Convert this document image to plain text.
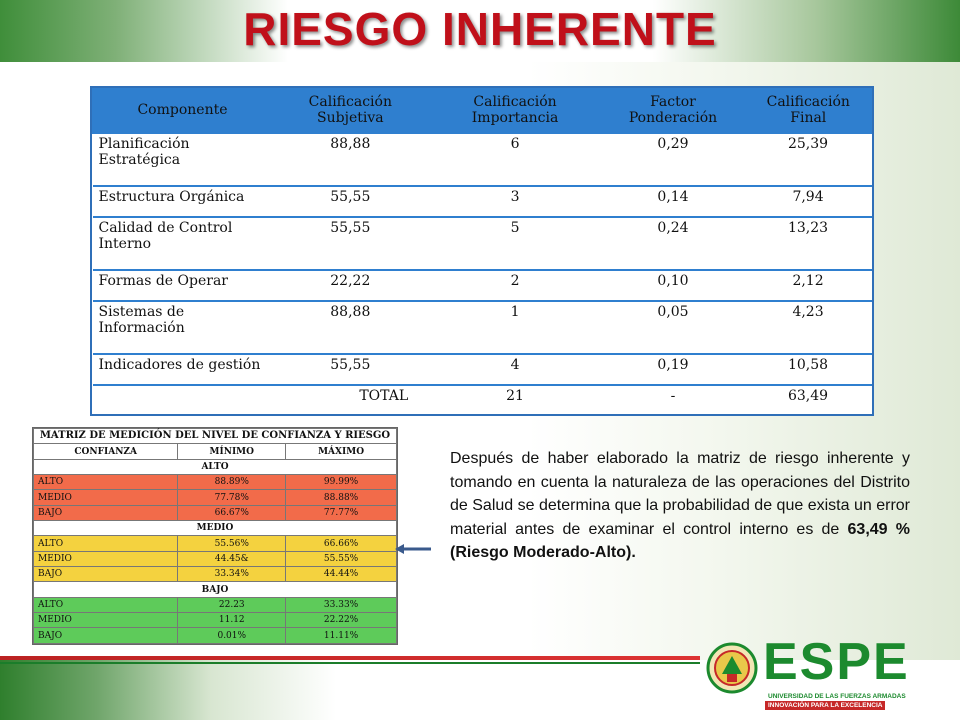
RIESGO INHERENTE
Componente	Calificación Subjetiva	Calificación Importancia	Factor Ponderación	Calificación Final
Planificación Estratégica	88,88	6	0,29	25,39
Estructura Orgánica	55,55	3	0,14	7,94
Calidad de Control Interno	55,55	5	0,24	13,23
Formas de Operar	22,22	2	0,10	2,12
Sistemas de Información	88,88	1	0,05	4,23
Indicadores de gestión	55,55	4	0,19	10,58
TOTAL		21	-	63,49
MATRIZ DE MEDICIÓN DEL NIVEL DE CONFIANZA Y RIESGO		
CONFIANZA	MÍNIMO	MÁXIMO
ALTO		
ALTO	88.89%	99.99%
MEDIO	77.78%	88.88%
BAJO	66.67%	77.77%
MEDIO		
ALTO	55.56%	66.66%
MEDIO	44.45&	55.55%
BAJO	33.34%	44.44%
BAJO		
ALTO	22.23	33.33%
MEDIO	11.12	22.22%
BAJO	0.01%	11.11%
Después de haber elaborado la matriz de riesgo inherente y tomando en cuenta la naturaleza de las operaciones del Distrito de Salud se determina que la probabilidad de que exista un error material antes de examinar el control interno es de 63,49 % (Riesgo Moderado-Alto).
ESPE
UNIVERSIDAD DE LAS FUERZAS ARMADAS
INNOVACIÓN PARA LA EXCELENCIA
